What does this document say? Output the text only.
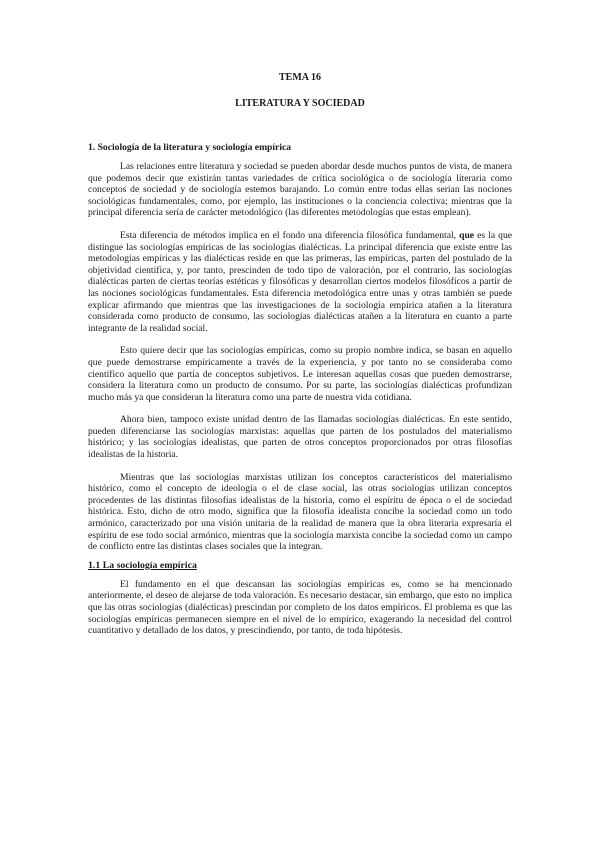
TEMA 16

LITERATURA Y SOCIEDAD

1. Sociología de la literatura y sociología empírica

Las relaciones entre literatura y sociedad se pueden abordar desde muchos puntos de vista, de manera que podemos decir que existirán tantas variedades de crítica sociológica o de sociología literaria como conceptos de sociedad y de sociología estemos barajando. Lo común entre todas ellas serían las nociones sociológicas fundamentales, como, por ejemplo, las instituciones o la conciencia colectiva; mientras que la principal diferencia sería de carácter metodológico (las diferentes metodologías que estas emplean).

Esta diferencia de métodos implica en el fondo una diferencia filosófica fundamental, que es la que distingue las sociologías empíricas de las sociologías dialécticas. La principal diferencia que existe entre las metodologías empíricas y las dialécticas reside en que las primeras, las empíricas, parten del postulado de la objetividad científica, y, por tanto, prescinden de todo tipo de valoración, por el contrario, las sociologías dialécticas parten de ciertas teorías estéticas y filosóficas y desarrollan ciertos modelos filosóficos a partir de las nociones sociológicas fundamentales. Esta diferencia metodológica entre unas y otras también se puede explicar afirmando que mientras que las investigaciones de la sociología empírica atañen a la literatura considerada como producto de consumo, las sociologías dialécticas atañen a la literatura en cuanto a parte integrante de la realidad social.

Esto quiere decir que las sociologías empíricas, como su propio nombre indica, se basan en aquello que puede demostrarse empíricamente a través de la experiencia, y por tanto no se consideraba como científico aquello que partía de conceptos subjetivos. Le interesan aquellas cosas que pueden demostrarse, considera la literatura como un producto de consumo. Por su parte, las sociologías dialécticas profundizan mucho más ya que consideran la literatura como una parte de nuestra vida cotidiana.

Ahora bien, tampoco existe unidad dentro de las llamadas sociologías dialécticas. En este sentido, pueden diferenciarse las sociologías marxistas: aquellas que parten de los postulados del materialismo histórico; y las sociologías idealistas, que parten de otros conceptos proporcionados por otras filosofías idealistas de la historia.

Mientras que las sociologías marxistas utilizan los conceptos característicos del materialismo histórico, como el concepto de ideología o el de clase social, las otras sociologías utilizan conceptos procedentes de las distintas filosofías idealistas de la historia, como el espíritu de época o el de sociedad histórica. Esto, dicho de otro modo, significa que la filosofía idealista concibe la sociedad como un todo armónico, caracterizado por una visión unitaria de la realidad de manera que la obra literaria expresaría el espíritu de ese todo social armónico, mientras que la sociología marxista concibe la sociedad como un campo de conflicto entre las distintas clases sociales que la integran.

1.1 La sociología empírica

El fundamento en el que descansan las sociologías empíricas es, como se ha mencionado anteriormente, el deseo de alejarse de toda valoración. Es necesario destacar, sin embargo, que esto no implica que las otras sociologías (dialécticas) prescindan por completo de los datos empíricos. El problema es que las sociologías empíricas permanecen siempre en el nivel de lo empírico, exagerando la necesidad del control cuantitativo y detallado de los datos, y prescindiendo, por tanto, de toda hipótesis.
